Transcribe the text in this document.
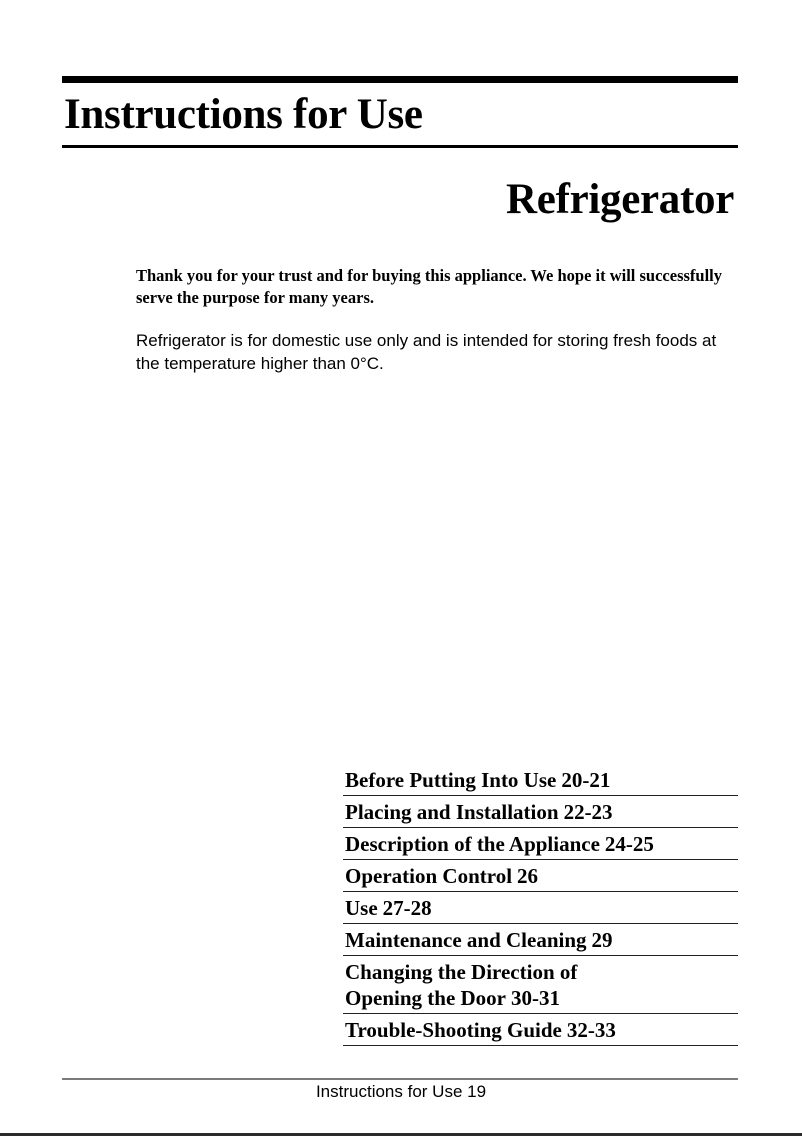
Instructions for Use
Refrigerator

Thank you for your trust and for buying this appliance. We hope it will successfully serve the purpose for many years.

Refrigerator is for domestic use only and is intended for storing fresh foods at the temperature higher than 0°C.

Before Putting Into Use 20-21
Placing and Installation 22-23
Description of the Appliance 24-25
Operation Control 26
Use 27-28
Maintenance and Cleaning 29
Changing the Direction of
Opening the Door 30-31
Trouble-Shooting Guide 32-33

Instructions for Use 19
